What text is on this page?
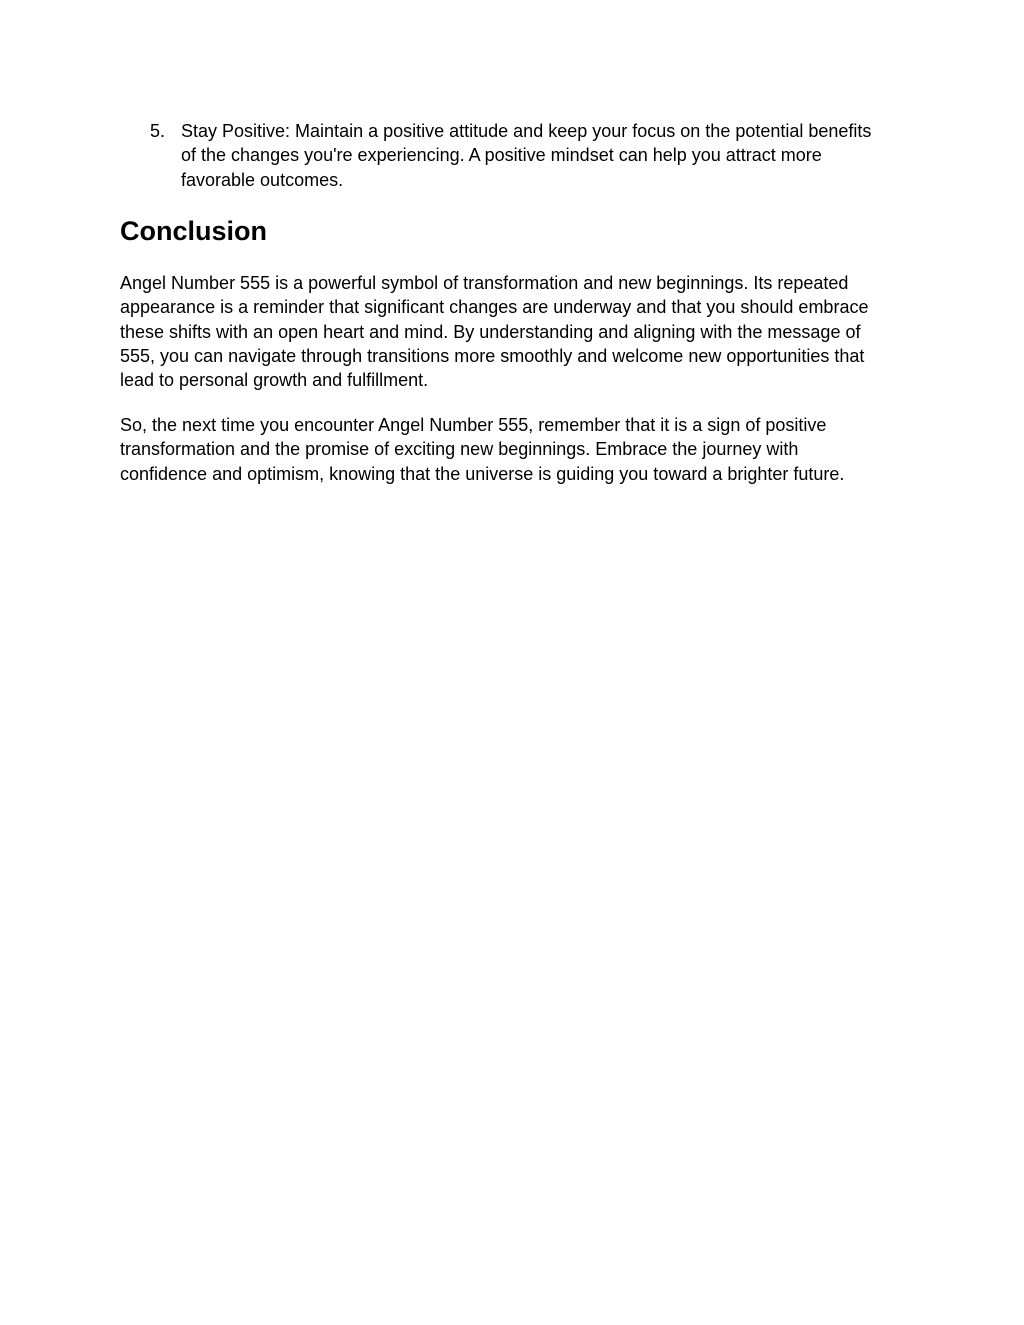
5. Stay Positive: Maintain a positive attitude and keep your focus on the potential benefits of the changes you're experiencing. A positive mindset can help you attract more favorable outcomes.
Conclusion

Angel Number 555 is a powerful symbol of transformation and new beginnings. Its repeated appearance is a reminder that significant changes are underway and that you should embrace these shifts with an open heart and mind. By understanding and aligning with the message of 555, you can navigate through transitions more smoothly and welcome new opportunities that lead to personal growth and fulfillment.

So, the next time you encounter Angel Number 555, remember that it is a sign of positive transformation and the promise of exciting new beginnings. Embrace the journey with confidence and optimism, knowing that the universe is guiding you toward a brighter future.
